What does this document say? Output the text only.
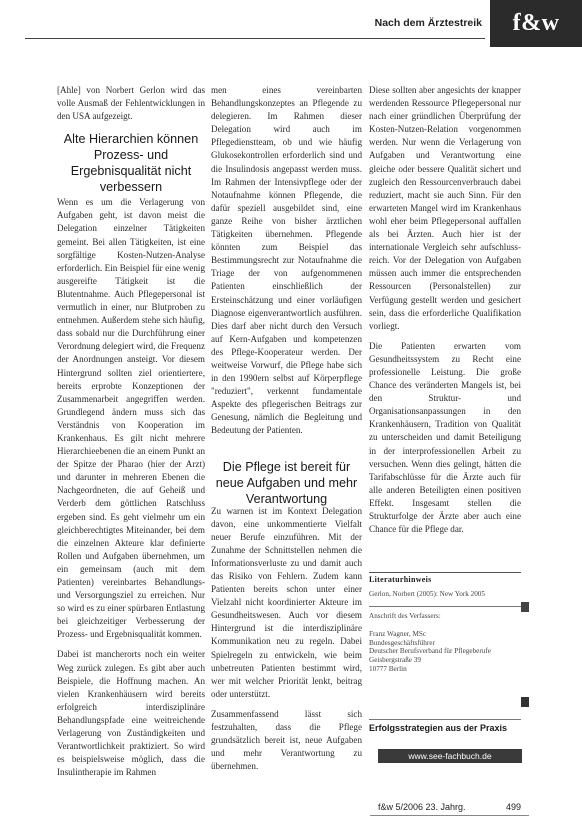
Nach dem Ärztestreik	f&w

[Ahle] von Norbert Gerlon wird das volle Ausmaß der Fehlentwicklungen in den USA aufgezeigt.

Wenn es um die Verlagerung von Aufgaben geht, ist davon meist die Delegation einzelner Tätigkeiten gemeint. Bei allen Tätigkeiten, ist eine sorgfältige Kosten-Nutzen-Analyse erforderlich. Ein Beispiel für eine wenig ausgereifte Tätigkeit ist die Blutentnahme. Auch Pflegepersonal ist vermutlich in einer, nur Blutproben zu entnehmen. Außerdem stehe sich häufig, dass sobald nur die Durchführung einer Verordnung delegiert wird, die Frequenz der Anordnungen ansteigt. Vor diesem Hintergrund sollten ziel orientiertere, bereits erprobte Konzeptionen der Zusammenarbeit angegriffen werden. Grundlegend ändern muss sich das Verständnis von Kooperation im Krankenhaus. Es gilt nicht mehrere Hierarchieebenen die an einem Punkt an der Spitze der Pharao (hier der Arzt) und darunter in mehreren Ebenen die Nachgeordneten, die auf Geheiß und Verderb dem göttlichen Ratschluss ergeben sind. Es geht vielmehr um ein gleichberechtigtes Miteinander, bei dem die einzelnen Akteure klar definierte Rollen und Aufgaben übernehmen, um ein gemeinsam (auch mit dem Patienten) vereinbartes Behandlungs- und Versorgungsziel zu erreichen. Nur so wird es zu einer spürbaren Entlastung bei gleichzeitiger Verbesserung der Prozess- und Ergebnisqualität kommen.

Dabei ist mancherorts noch ein weiter Weg zurück zulegen. Es gibt aber auch Beispiele, die Hoffnung machen. An vielen Krankenhäusern wird bereits erfolgreich interdisziplinäre Behandlungspfade eine weitreichende Verlagerung von Zuständigkeiten und Verantwortlichkeit praktiziert. So wird es beispielsweise möglich, dass die Insulintherapie im Rahmen

Alte Hierarchien können Prozess- und Ergebnisqualität nicht verbessern

men eines vereinbarten Behandlungskonzeptes an Pflegende zu delegieren. Im Rahmen dieser Delegation wird auch im Pflegedienstteam, ob und wie häufig Glukosekontrollen erforderlich sind und die Insulindosis angepasst werden muss. Im Rahmen der Intensivpflege oder der Notaufnahme können Pflegende, die dafür speziell ausgebildet sind, eine ganze Reihe von bisher ärztlichen Tätigkeiten übernehmen. Pflegende könnten zum Beispiel das Bestimmungsrecht zur Notaufnahme die Triage der von aufgenommenen Patienten einschließlich der Ersteinschätzung und einer vorläufigen Diagnose eigenverantwortlich ausführen. Dies darf aber nicht durch den Versuch auf Kern-Aufgaben und kompetenzen des Pflege-Kooperateur werden. Der weitweise Vorwurf, die Pflege habe sich in den 1990ern selbst auf Körperpflege "reduziert", verkennt fundamentale Aspekte des pflegerischen Beitrags zur Genesung, nämlich die Begleitung und Bedeutung der Patienten.

Zu warnen ist im Kontext Delegation davon, eine unkommentierte Vielfalt neuer Berufe einzuführen. Mit der Zunahme der Schnittstellen nehmen die Informationsverluste zu und damit auch das Risiko von Fehlern. Zudem kann Patienten bereits schon unter einer Vielzahl nicht koordinierter Akteure im Gesundheitswesen. Auch vor diesem Hintergrund ist die interdisziplinäre Kommunikation neu zu regeln. Dabei Spielregeln zu entwickeln, wie beim unbetreuten Patienten bestimmt wird, wer mit welcher Priorität lenkt, beitrag oder unterstützt.

Zusammenfassend lässt sich festzuhalten, dass die Pflege grundsätzlich bereit ist, neue Aufgaben und mehr Verantwortung zu übernehmen.

Die Pflege ist bereit für neue Aufgaben und mehr Verantwortung

Diese sollten aber angesichts der knapper werdenden Ressource Pflegepersonal nur nach einer gründlichen Überprüfung der Kosten-Nutzen-Relation vorgenommen werden. Nur wenn die Verlagerung von Aufgaben und Verantwortung eine gleiche oder bessere Qualität sichert und zugleich den Ressourcenverbrauch dabei reduziert, macht sie auch Sinn. Für den erwarteten Mangel wird im Krankenhaus wohl eher beim Pflegepersonal auffallen als bei Ärzten. Auch hier ist der internationale Vergleich sehr aufschluss-reich. Vor der Delegation von Aufgaben müssen auch immer die entsprechenden Ressourcen (Personalstellen) zur Verfügung gestellt werden und gesichert sein, dass die erforderliche Qualifikation vorliegt.

Die Patienten erwarten vom Gesundheitssystem zu Recht eine professionelle Leistung. Die große Chance des veränderten Mangels ist, bei den Struktur- und Organisationsanpassungen in den Krankenhäusern, Tradition von Qualität zu unterscheiden und damit Beteiligung in der interprofessionellen Arbeit zu versuchen. Wenn dies gelingt, hätten die Tarifabschlüsse für die Ärzte auch für alle anderen Beteiligten einen positiven Effekt. Insgesamt stellen die Strukturfolge der Ärzte aber auch eine Chance für die Pflege dar.

Literaturhinweis
Gerlon, Norbert (2005): New York 2005
Anschrift des Verfassers:
Franz Wagner, MSc
Bundesgeschäftsführer
Deutscher Berufsverband für Pflegeberufe
Geisbergstraße 39
10777 Berlin
Erfolgsstrategien aus der Praxis
www.see-fachbuch.de
f&w 5/2006 23. Jahrg.	499
